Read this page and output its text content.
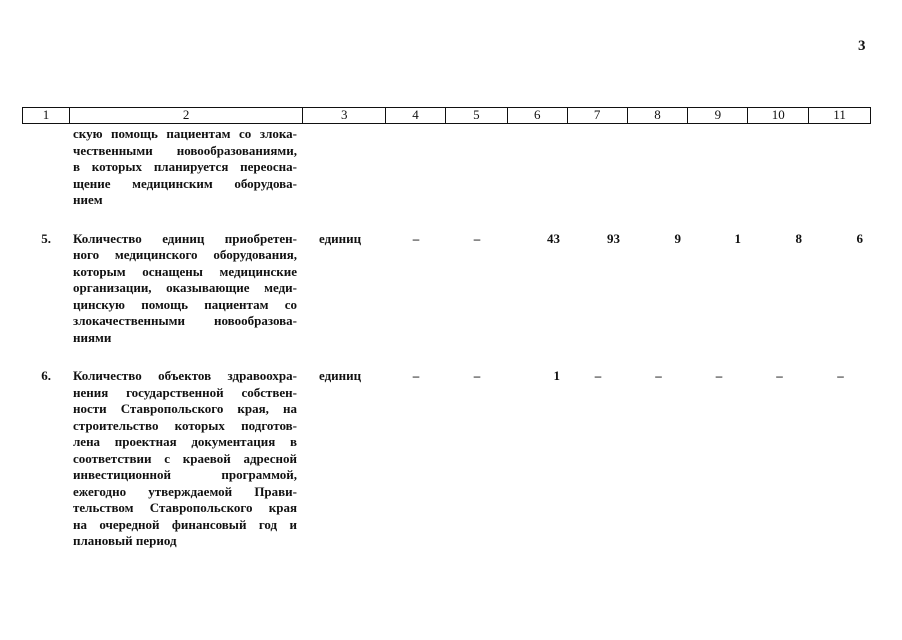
3
1	2	3	4	5	6	7	8	9	10	11
скую помощь пациентам со злока-
чественными новообразованиями,
в которых планируется переосна-
щение медицинским оборудова-
нием
5.	Количество единиц приобретен-
ного медицинского оборудования,
которым оснащены медицинские
организации, оказывающие меди-
цинскую помощь пациентам со
злокачественными новообразова-
ниями
единиц	–	–	43	93	9	1	8	6
6.	Количество объектов здравоохра-
нения государственной собствен-
ности Ставропольского края, на
строительство которых подготов-
лена проектная документация в
соответствии с краевой адресной
инвестиционной	программой,
ежегодно утверждаемой Прави-
тельством Ставропольского края
на очередной финансовый год и
плановый период
единиц	–	–	1	–	–	–	–	–
